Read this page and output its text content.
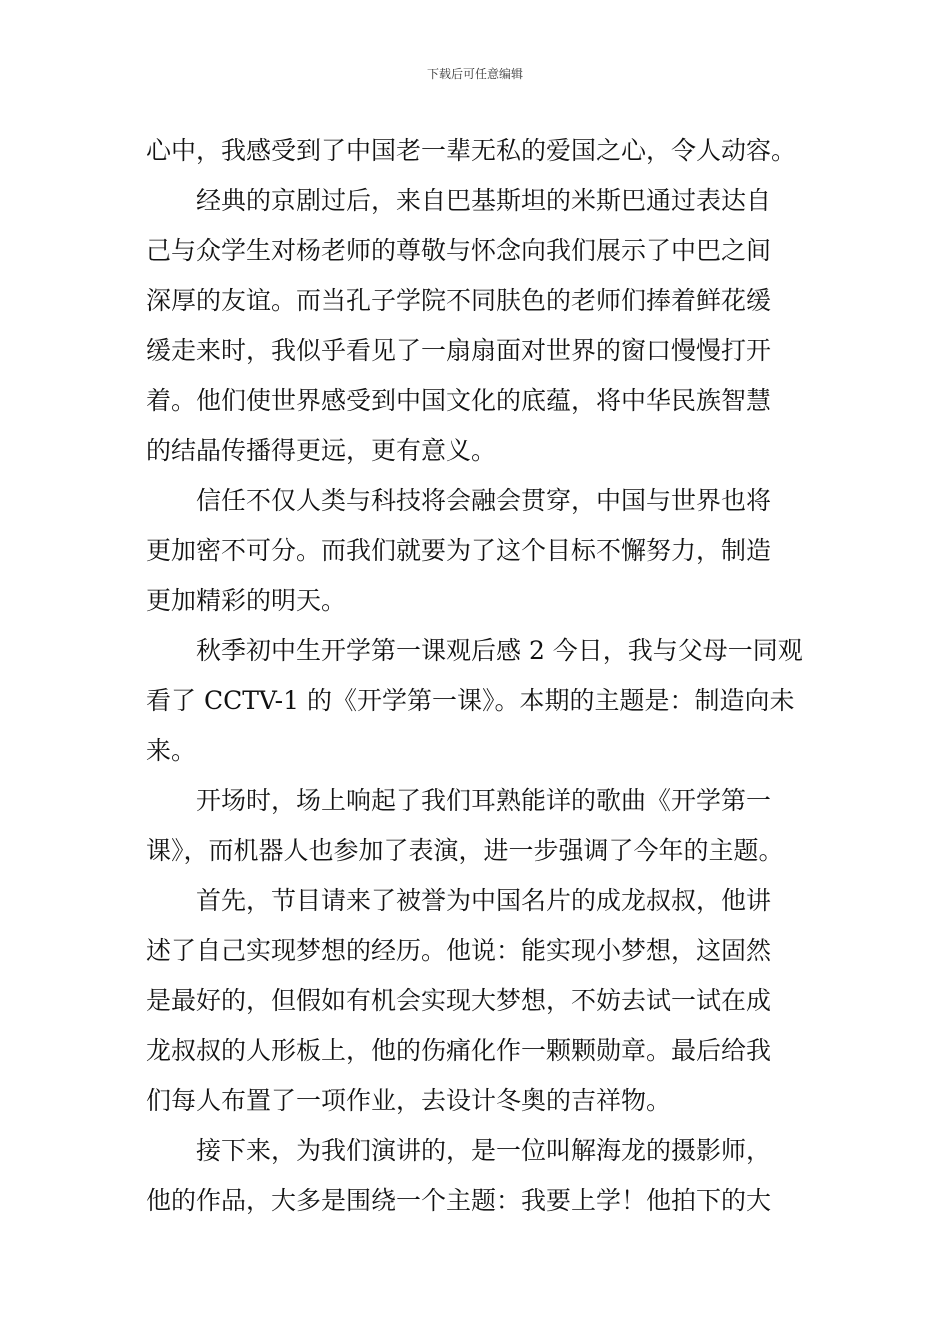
下载后可任意编辑
心中，我感受到了中国老一辈无私的爱国之心，令人动容。
经典的京剧过后，来自巴基斯坦的米斯巴通过表达自
己与众学生对杨老师的尊敬与怀念向我们展示了中巴之间
深厚的友谊。而当孔子学院不同肤色的老师们捧着鲜花缓
缓走来时，我似乎看见了一扇扇面对世界的窗口慢慢打开
着。他们使世界感受到中国文化的底蕴，将中华民族智慧
的结晶传播得更远，更有意义。
信任不仅人类与科技将会融会贯穿，中国与世界也将
更加密不可分。而我们就要为了这个目标不懈努力，制造
更加精彩的明天。
秋季初中生开学第一课观后感 2 今日，我与父母一同观
看了 CCTV-1 的《开学第一课》。本期的主题是：制造向未
来。
开场时，场上响起了我们耳熟能详的歌曲《开学第一
课》，而机器人也参加了表演，进一步强调了今年的主题。
首先，节目请来了被誉为中国名片的成龙叔叔，他讲
述了自己实现梦想的经历。他说：能实现小梦想，这固然
是最好的，但假如有机会实现大梦想，不妨去试一试在成
龙叔叔的人形板上，他的伤痛化作一颗颗勋章。最后给我
们每人布置了一项作业，去设计冬奥的吉祥物。
接下来，为我们演讲的，是一位叫解海龙的摄影师，
他的作品，大多是围绕一个主题：我要上学！他拍下的大
